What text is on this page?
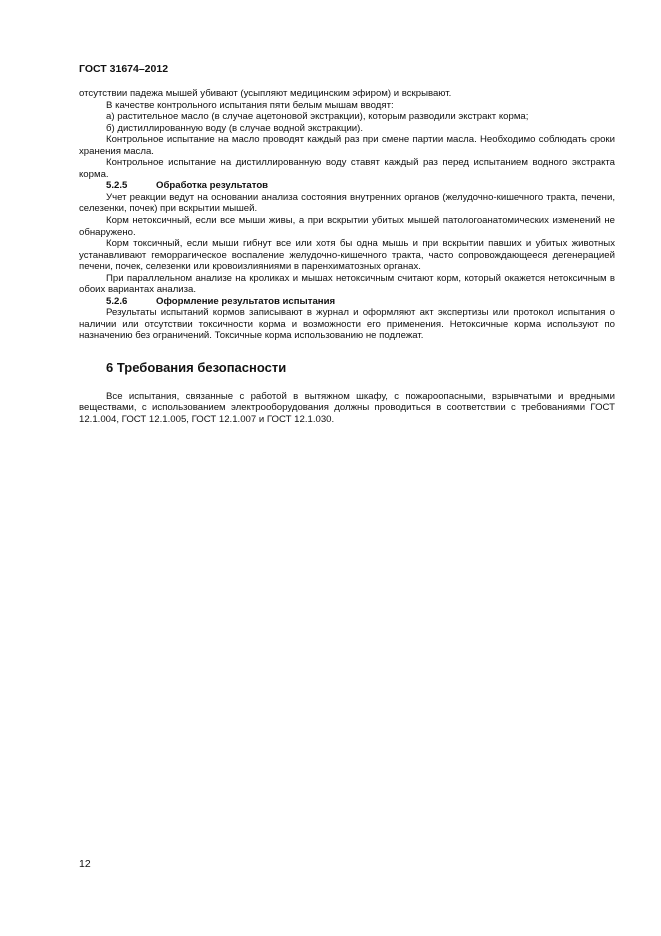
ГОСТ 31674–2012

отсутствии падежа мышей убивают (усыпляют медицинским эфиром) и вскрывают.

В качестве контрольного испытания пяти белым мышам вводят:

а) растительное масло (в случае ацетоновой экстракции), которым разводили экстракт корма;

б) дистиллированную воду (в случае водной экстракции).

Контрольное испытание на масло проводят каждый раз при смене партии масла. Необходимо соблюдать сроки хранения масла.

Контрольное испытание на дистиллированную воду ставят каждый раз перед испытанием водного экстракта корма.

5.2.5	Обработка результатов

Учет реакции ведут на основании анализа состояния внутренних органов (желудочно-кишечного тракта, печени, селезенки, почек) при вскрытии мышей.

Корм нетоксичный, если все мыши живы, а при вскрытии убитых мышей патологоанатомических изменений не обнаружено.

Корм токсичный, если мыши гибнут все или хотя бы одна мышь и при вскрытии павших и убитых животных устанавливают геморрагическое воспаление желудочно-кишечного тракта, часто сопровождающееся дегенерацией печени, почек, селезенки или кровоизлияниями в паренхиматозных органах.

При параллельном анализе на кроликах и мышах нетоксичным считают корм, который окажется нетоксичным в обоих вариантах анализа.

5.2.6	Оформление результатов испытания

Результаты испытаний кормов записывают в журнал и оформляют акт экспертизы или протокол испытания о наличии или отсутствии токсичности корма и возможности его применения. Нетоксичные корма используют по назначению без ограничений. Токсичные корма использованию не подлежат.

6 Требования безопасности

Все испытания, связанные с работой в вытяжном шкафу, с пожароопасными, взрывчатыми и вредными веществами, с использованием электрооборудования должны проводиться в соответствии с требованиями ГОСТ 12.1.004, ГОСТ 12.1.005, ГОСТ 12.1.007 и ГОСТ 12.1.030.

12
